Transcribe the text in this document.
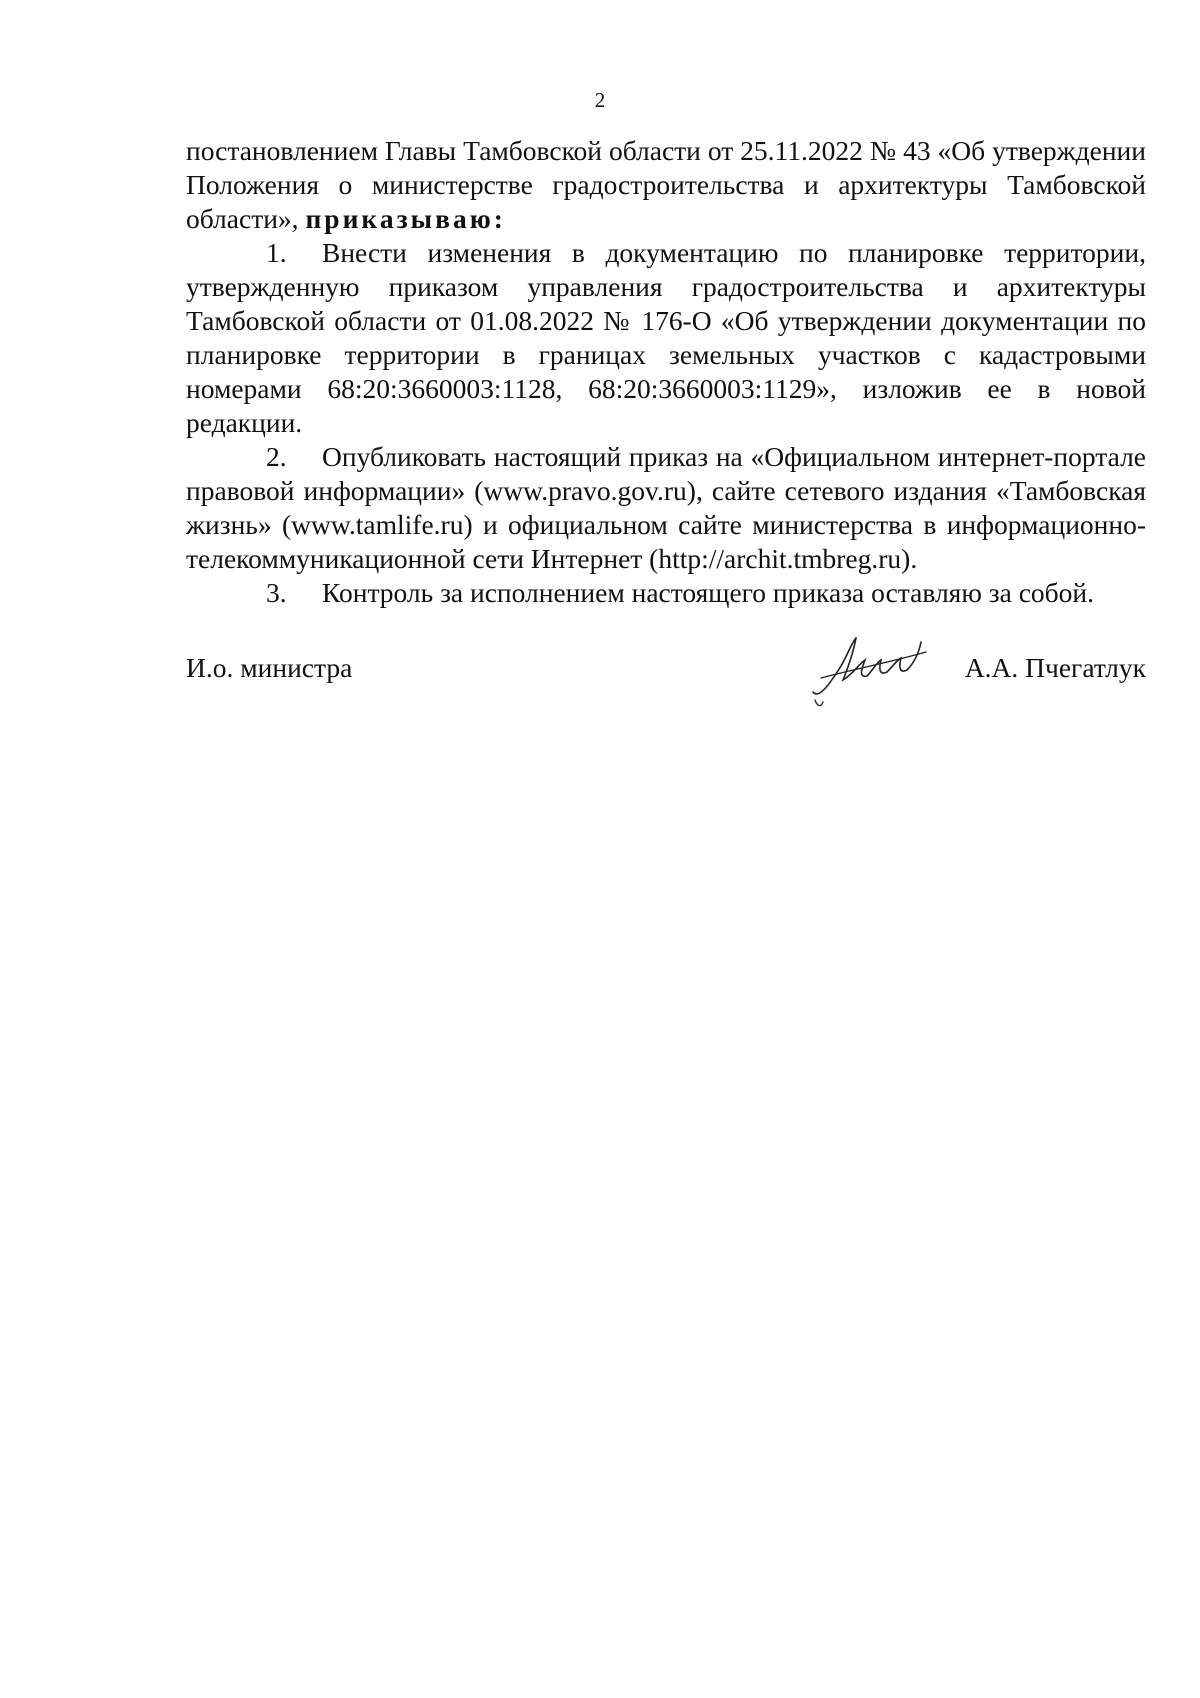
2

постановлением Главы Тамбовской области от 25.11.2022 № 43 «Об утверждении Положения о министерстве градостроительства и архитектуры Тамбовской области», приказываю:

1. Внести изменения в документацию по планировке территории, утвержденную приказом управления градостроительства и архитектуры Тамбовской области от 01.08.2022 № 176-О «Об утверждении документации по планировке территории в границах земельных участков с кадастровыми номерами 68:20:3660003:1128, 68:20:3660003:1129», изложив ее в новой редакции.

2. Опубликовать настоящий приказ на «Официальном интернет-портале правовой информации» (www.pravo.gov.ru), сайте сетевого издания «Тамбовская жизнь» (www.tamlife.ru) и официальном сайте министерства в информационно-телекоммуникационной сети Интернет (http://archit.tmbreg.ru).

3. Контроль за исполнением настоящего приказа оставляю за собой.

И.о. министра	А.А. Пчегатлук
